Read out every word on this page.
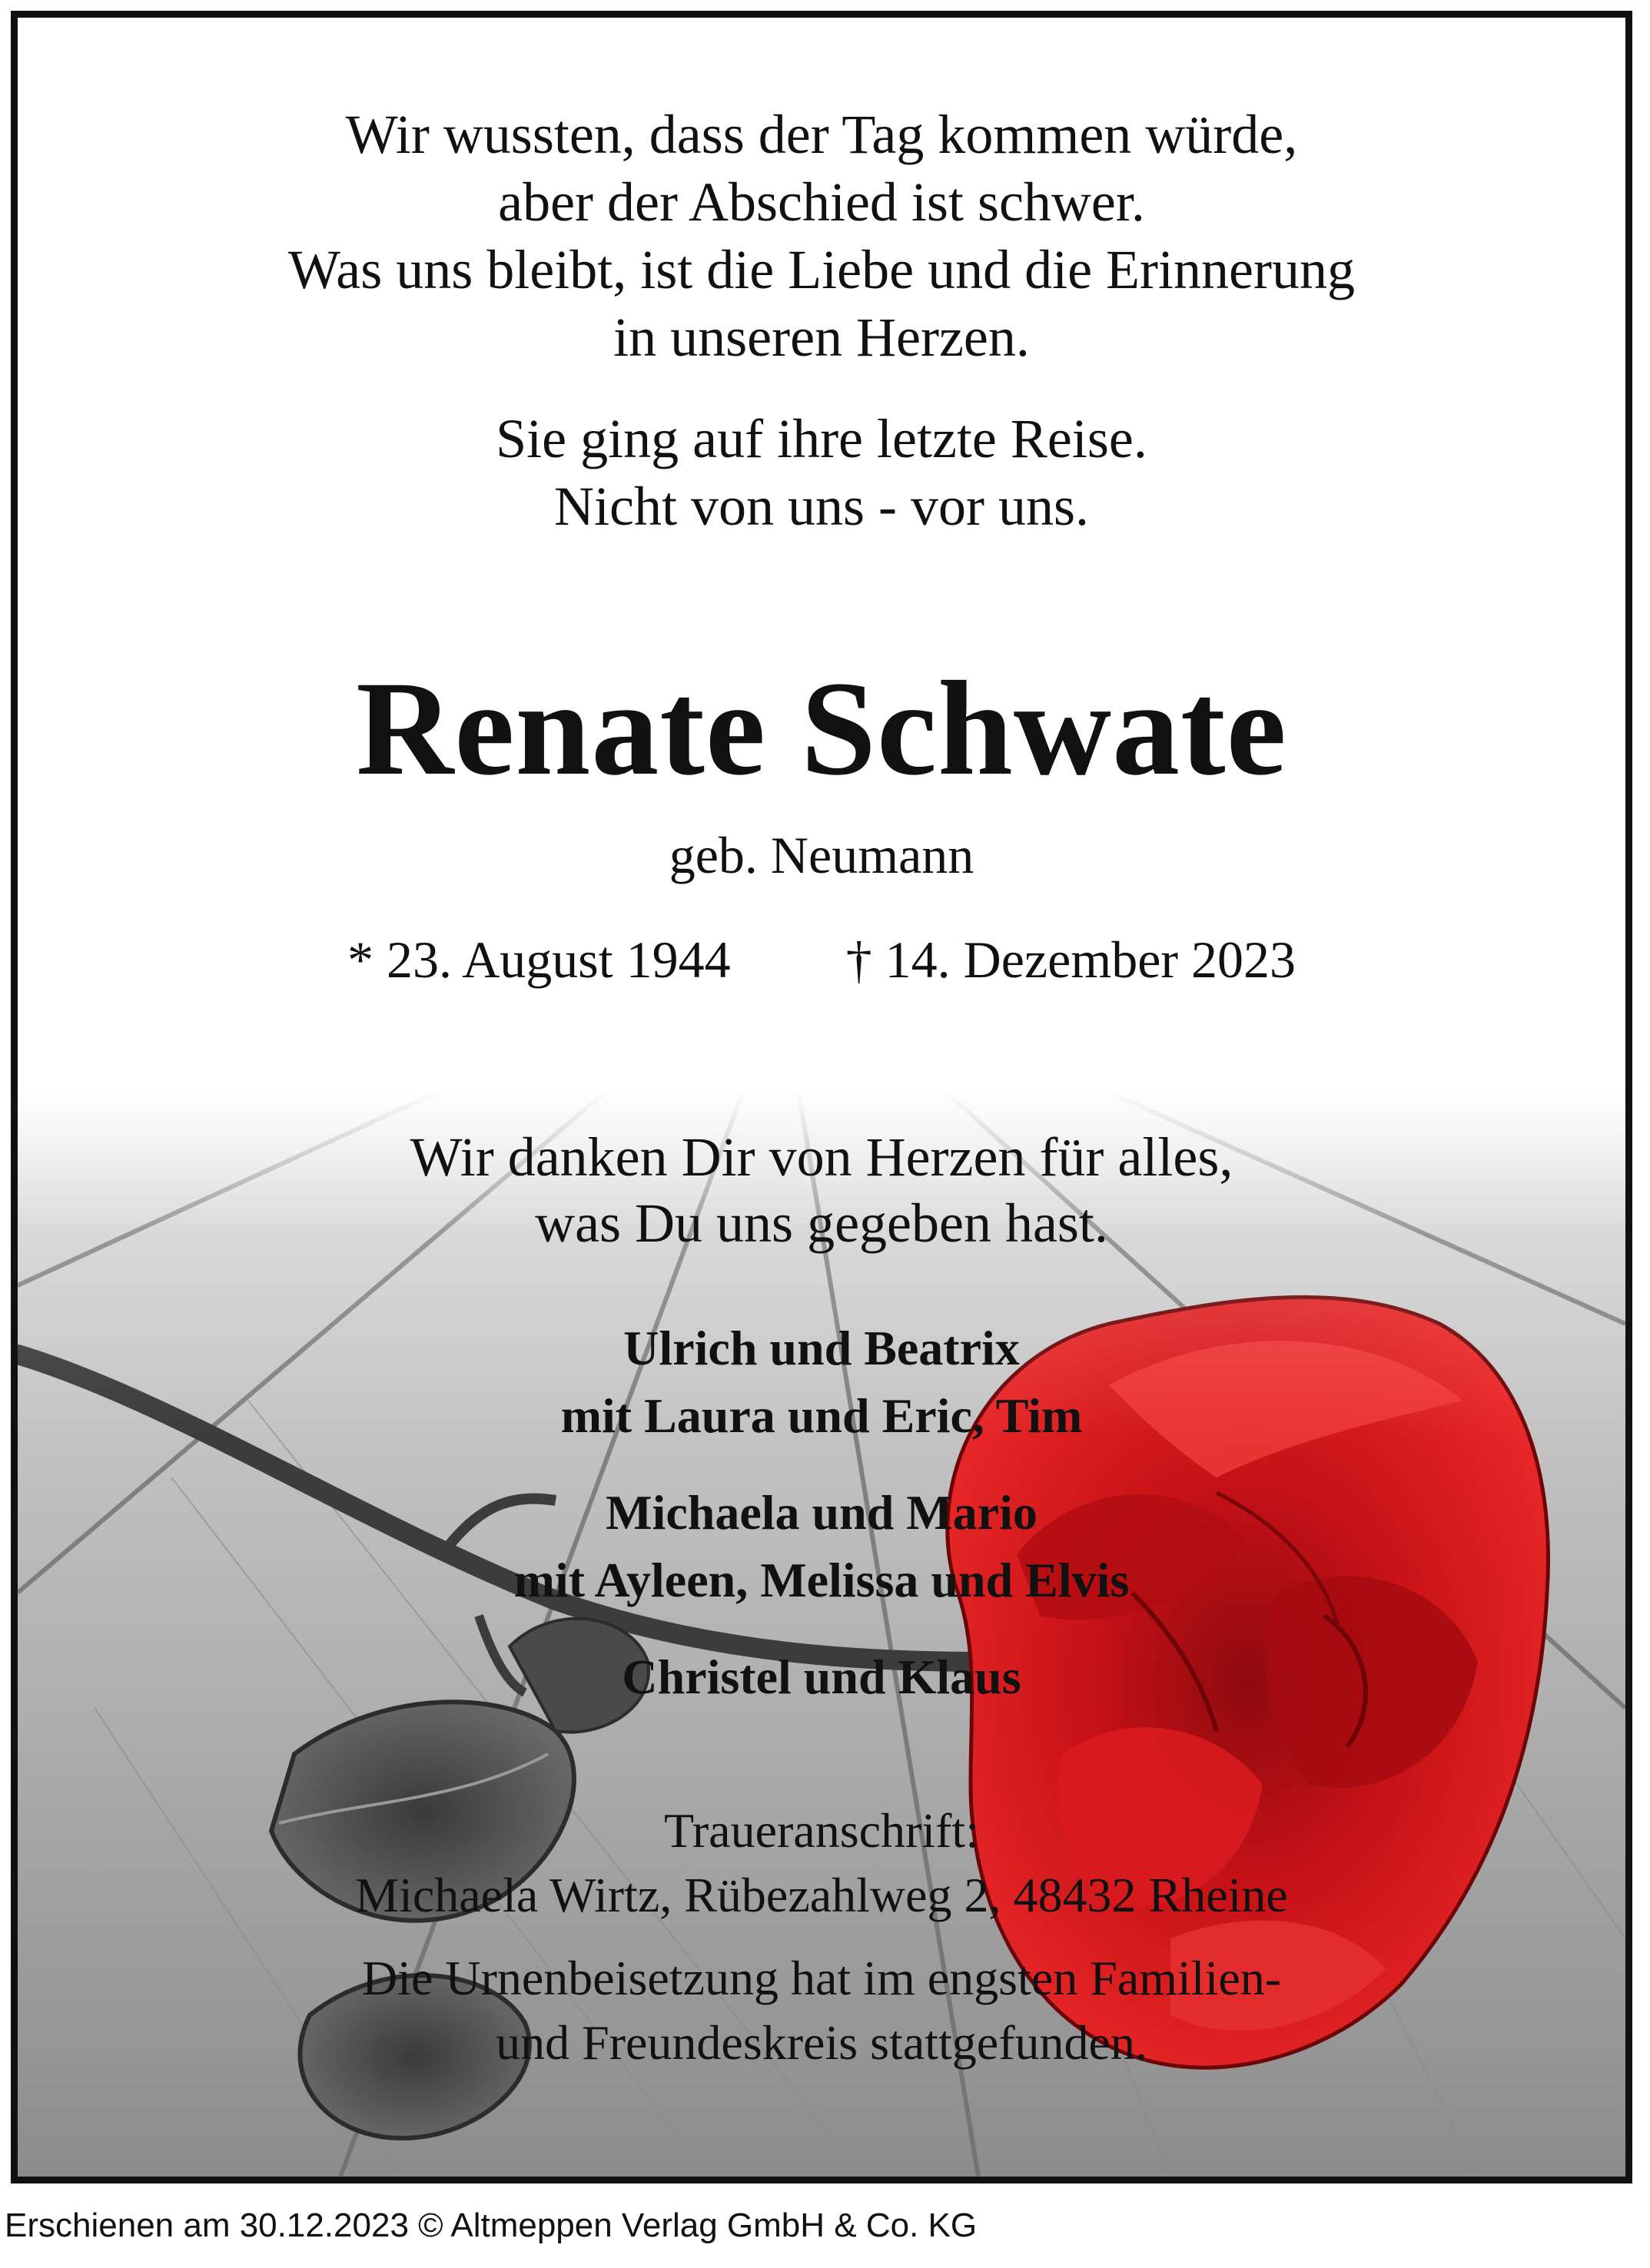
Wir wussten, dass der Tag kommen würde,
aber der Abschied ist schwer.
Was uns bleibt, ist die Liebe und die Erinnerung
in unseren Herzen.
Sie ging auf ihre letzte Reise.
Nicht von uns - vor uns.
Renate Schwate
geb. Neumann
* 23. August 1944 † 14. Dezember 2023
Wir danken Dir von Herzen für alles,
was Du uns gegeben hast.
Ulrich und Beatrix
mit Laura und Eric, Tim
Michaela und Mario
mit Ayleen, Melissa und Elvis
Christel und Klaus
Traueranschrift:
Michaela Wirtz, Rübezahlweg 2, 48432 Rheine
Die Urnenbeisetzung hat im engsten Familien-
und Freundeskreis stattgefunden.
Erschienen am 30.12.2023 © Altmeppen Verlag GmbH & Co. KG
